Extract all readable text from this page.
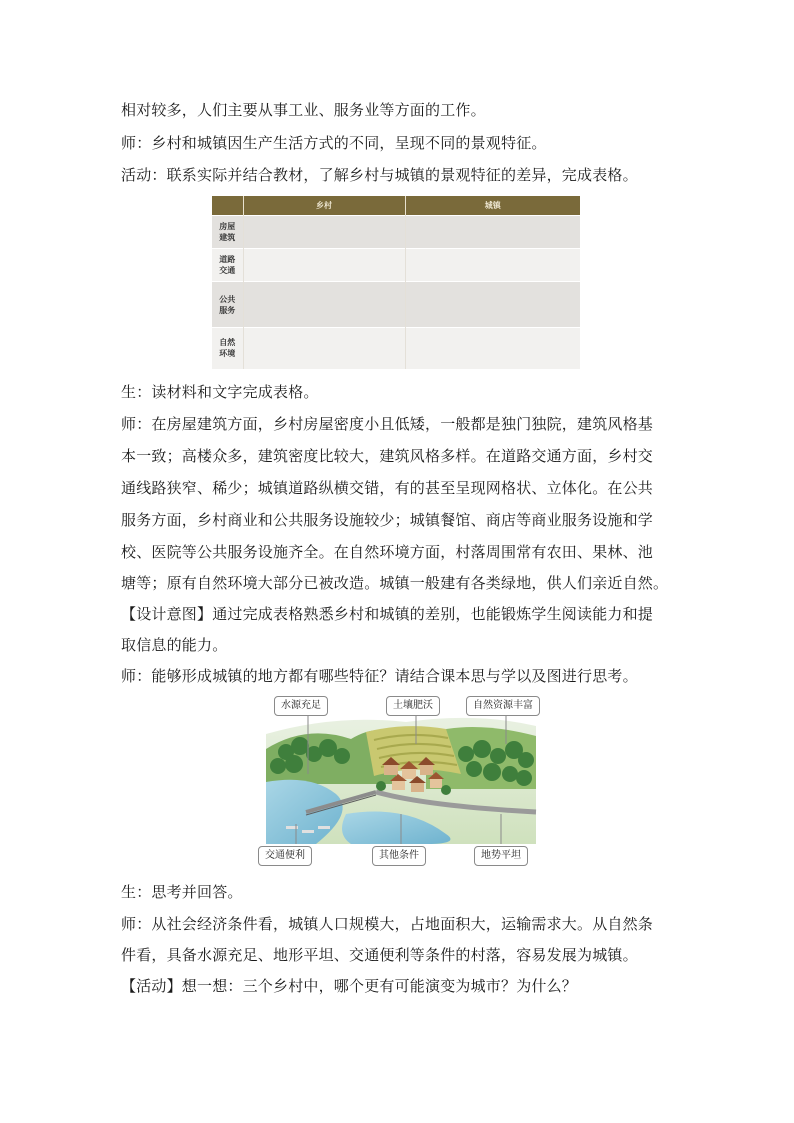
相对较多，人们主要从事工业、服务业等方面的工作。

师：乡村和城镇因生产生活方式的不同，呈现不同的景观特征。

活动：联系实际并结合教材，了解乡村与城镇的景观特征的差异，完成表格。

	乡村	城镇

房屋
建筑		

道路
交通		

公共
服务		

自然
环境		

生：读材料和文字完成表格。

师：在房屋建筑方面，乡村房屋密度小且低矮，一般都是独门独院，建筑风格基

本一致；高楼众多，建筑密度比较大，建筑风格多样。在道路交通方面，乡村交

通线路狭窄、稀少；城镇道路纵横交错，有的甚至呈现网格状、立体化。在公共

服务方面，乡村商业和公共服务设施较少；城镇餐馆、商店等商业服务设施和学

校、医院等公共服务设施齐全。在自然环境方面，村落周围常有农田、果林、池

塘等；原有自然环境大部分已被改造。城镇一般建有各类绿地，供人们亲近自然。

【设计意图】通过完成表格熟悉乡村和城镇的差别，也能锻炼学生阅读能力和提

取信息的能力。

师：能够形成城镇的地方都有哪些特征？请结合课本思与学以及图进行思考。

水源充足	土壤肥沃	自然资源丰富
交通便利	其他条件	地势平坦

生：思考并回答。

师：从社会经济条件看，城镇人口规模大，占地面积大，运输需求大。从自然条

件看，具备水源充足、地形平坦、交通便利等条件的村落，容易发展为城镇。

【活动】想一想：三个乡村中，哪个更有可能演变为城市？为什么？
